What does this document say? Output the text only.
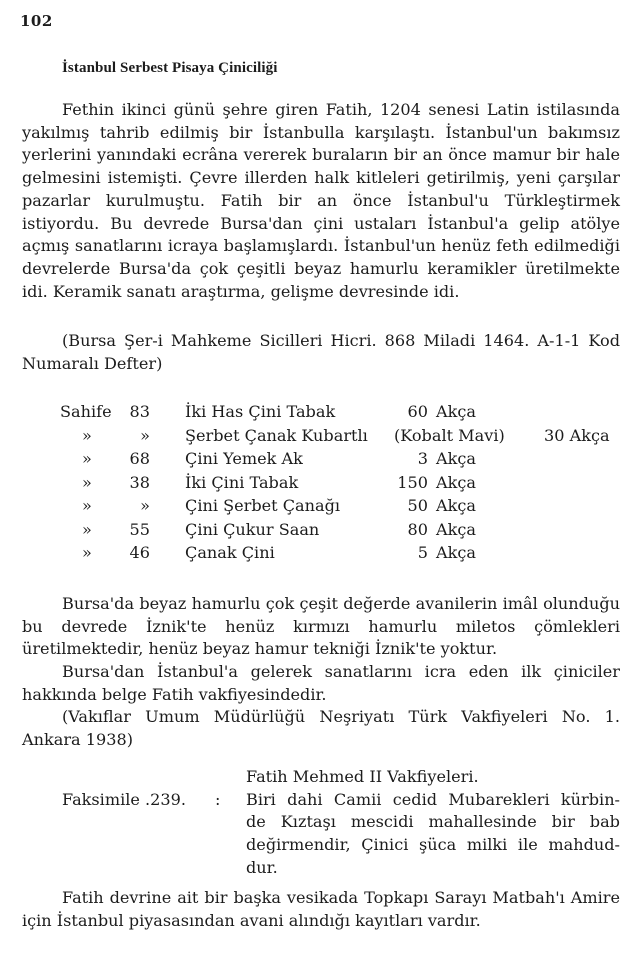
102
İstanbul Serbest Pisaya Çiniciliği

Fethin ikinci günü şehre giren Fatih, 1204 senesi Latin istilasında yakılmış tahrib edilmiş bir İstanbulla karşılaştı. İstanbul'un bakımsız yerlerini yanındaki ecrâna vererek buraların bir an önce mamur bir hale gelmesini istemişti. Çevre illerden halk kitleleri getirilmiş, yeni çarşılar pazarlar kurulmuştu. Fatih bir an önce İstanbul'u Türkleştirmek istiyordu. Bu devrede Bursa'dan çini ustaları İstanbul'a gelip atölye açmış sanatlarını icraya başlamışlardı. İstanbul'un henüz feth edilmediği devrelerde Bursa'da çok çeşitli beyaz hamurlu keramikler üretilmekte idi. Keramik sanatı araştırma, gelişme devresinde idi.

(Bursa Şer-i Mahkeme Sicilleri Hicri. 868 Miladi 1464. A-1-1 Kod Numaralı Defter)

Sahife	83 İki Has Çini Tabak	60 Akça
»	» Şerbet Çanak Kubartlı (Kobalt Mavi) 30 Akça
»	68 Çini Yemek Ak	3 Akça
»	38 İki Çini Tabak	150 Akça
»	» Çini Şerbet Çanağı	50 Akça
»	55 Çini Çukur Saan	80 Akça
»	46 Çanak Çini	5 Akça

Bursa'da beyaz hamurlu çok çeşit değerde avanilerin imâl olunduğu bu devrede İznik'te henüz kırmızı hamurlu miletos çömlekleri üretilmektedir, henüz beyaz hamur tekniği İznik'te yoktur.

Bursa'dan İstanbul'a gelerek sanatlarını icra eden ilk çiniciler hakkında belge Fatih vakfiyesindedir.

(Vakıflar Umum Müdürlüğü Neşriyatı Türk Vakfiyeleri No. 1. Ankara 1938)

Faksimile .239. :
Fatih Mehmed II Vakfiyeleri.
Biri dahi Camii cedid Mubarekleri kürbin-
de Kıztaşı mescidi mahallesinde bir bab
değirmendir, Çinici şüca milki ile mahdud-
dur.

Fatih devrine ait bir başka vesikada Topkapı Sarayı Matbah'ı Amire için İstanbul piyasasından avani alındığı kayıtları vardır.
